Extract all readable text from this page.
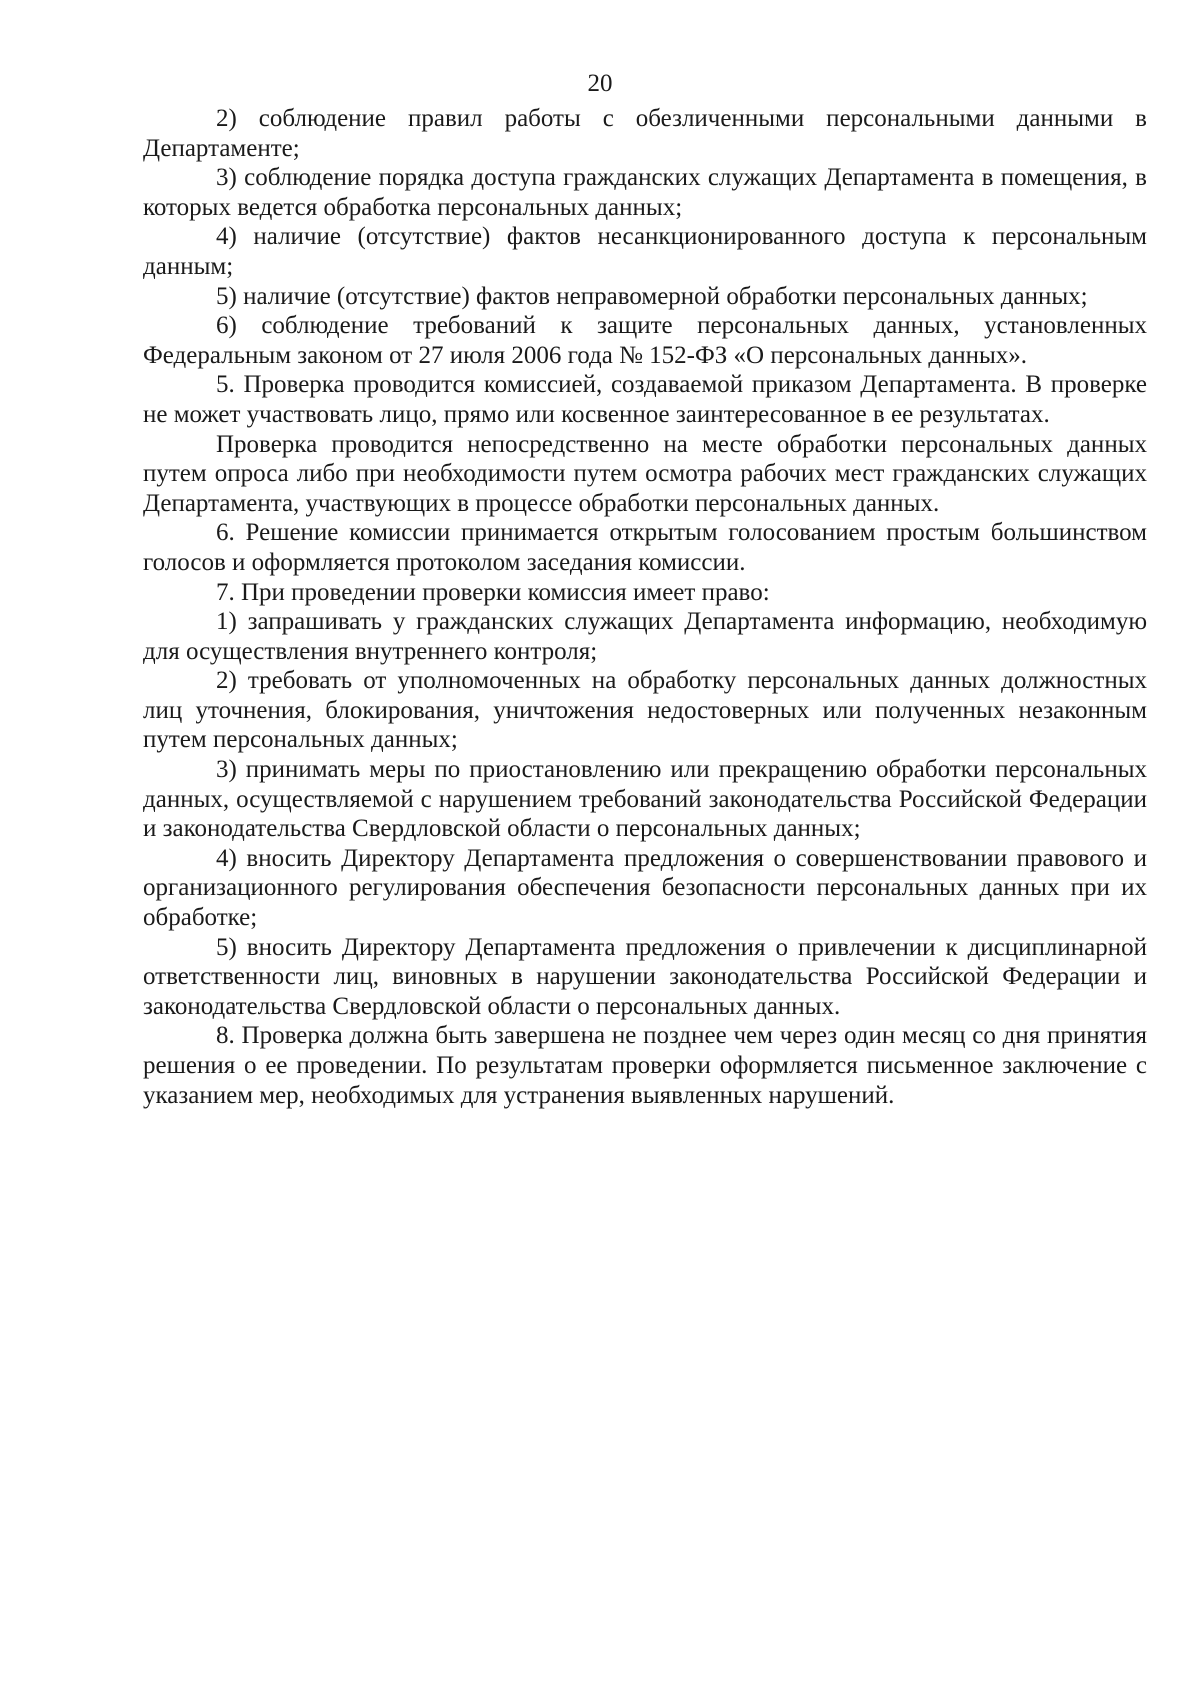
20

2) соблюдение правил работы с обезличенными персональными данными в Департаменте;

3) соблюдение порядка доступа гражданских служащих Департамента в помещения, в которых ведется обработка персональных данных;

4) наличие (отсутствие) фактов несанкционированного доступа к персональным данным;

5) наличие (отсутствие) фактов неправомерной обработки персональных данных;

6) соблюдение требований к защите персональных данных, установленных Федеральным законом от 27 июля 2006 года № 152-ФЗ «О персональных данных».

5. Проверка проводится комиссией, создаваемой приказом Департамента. В проверке не может участвовать лицо, прямо или косвенное заинтересованное в ее результатах.

Проверка проводится непосредственно на месте обработки персональных данных путем опроса либо при необходимости путем осмотра рабочих мест гражданских служащих Департамента, участвующих в процессе обработки персональных данных.

6. Решение комиссии принимается открытым голосованием простым большинством голосов и оформляется протоколом заседания комиссии.

7. При проведении проверки комиссия имеет право:

1) запрашивать у гражданских служащих Департамента информацию, необходимую для осуществления внутреннего контроля;

2) требовать от уполномоченных на обработку персональных данных должностных лиц уточнения, блокирования, уничтожения недостоверных или полученных незаконным путем персональных данных;

3) принимать меры по приостановлению или прекращению обработки персональных данных, осуществляемой с нарушением требований законодательства Российской Федерации и законодательства Свердловской области о персональных данных;

4) вносить Директору Департамента предложения о совершенствовании правового и организационного регулирования обеспечения безопасности персональных данных при их обработке;

5) вносить Директору Департамента предложения о привлечении к дисциплинарной ответственности лиц, виновных в нарушении законодательства Российской Федерации и законодательства Свердловской области о персональных данных.

8. Проверка должна быть завершена не позднее чем через один месяц со дня принятия решения о ее проведении. По результатам проверки оформляется письменное заключение с указанием мер, необходимых для устранения выявленных нарушений.
